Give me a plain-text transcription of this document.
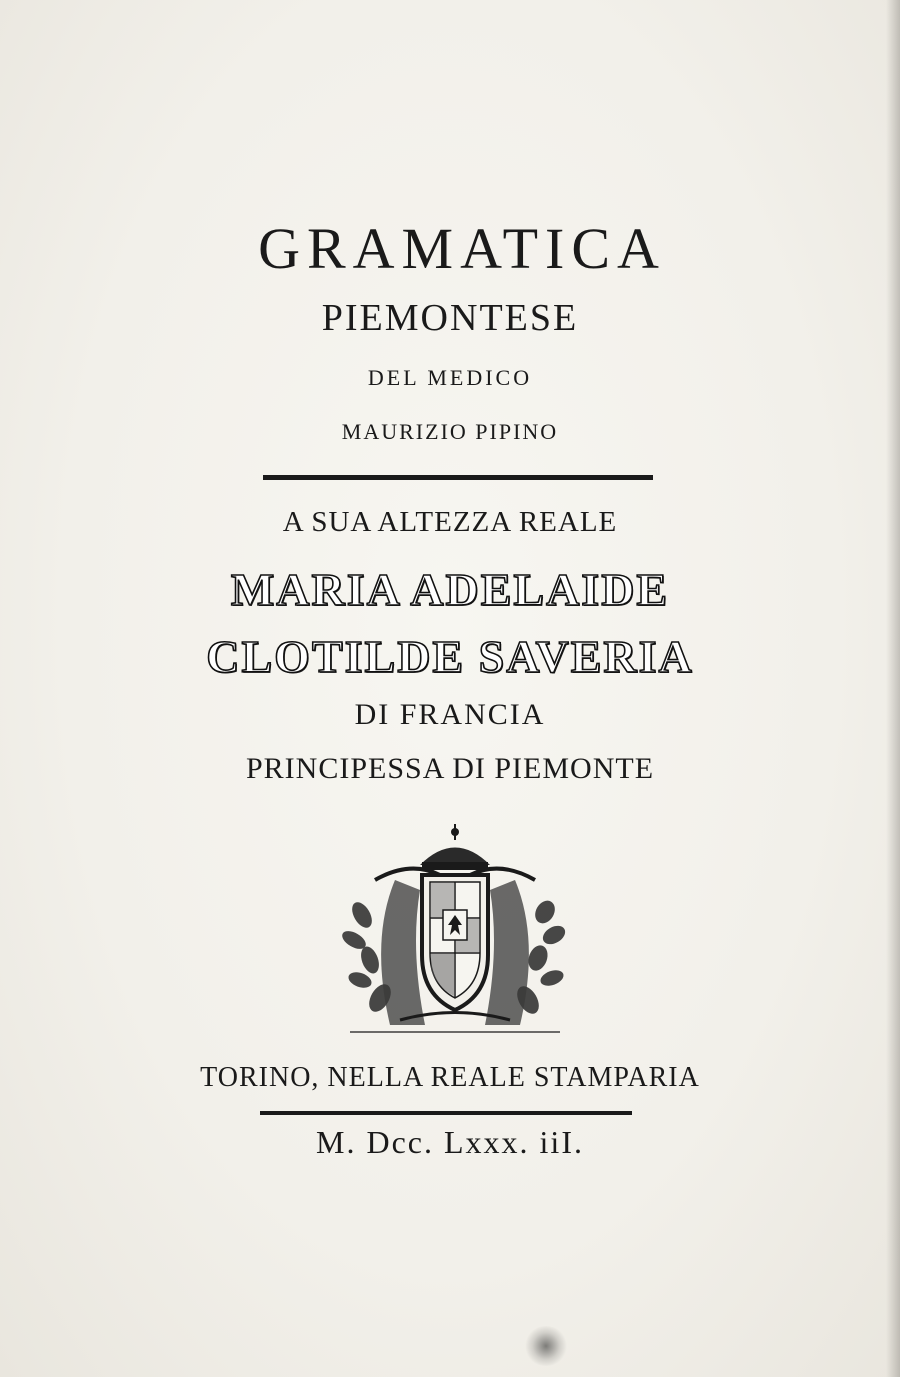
GRAMATICA
PIEMONTESE
DEL MEDICO
MAURIZIO PIPINO
A SUA ALTEZZA REALE
MARIA ADELAIDE
CLOTILDE SAVERIA
DI FRANCIA
PRINCIPESSA DI PIEMONTE
TORINO, NELLA REALE STAMPARIA
M. Dcc. Lxxx. iiI.
